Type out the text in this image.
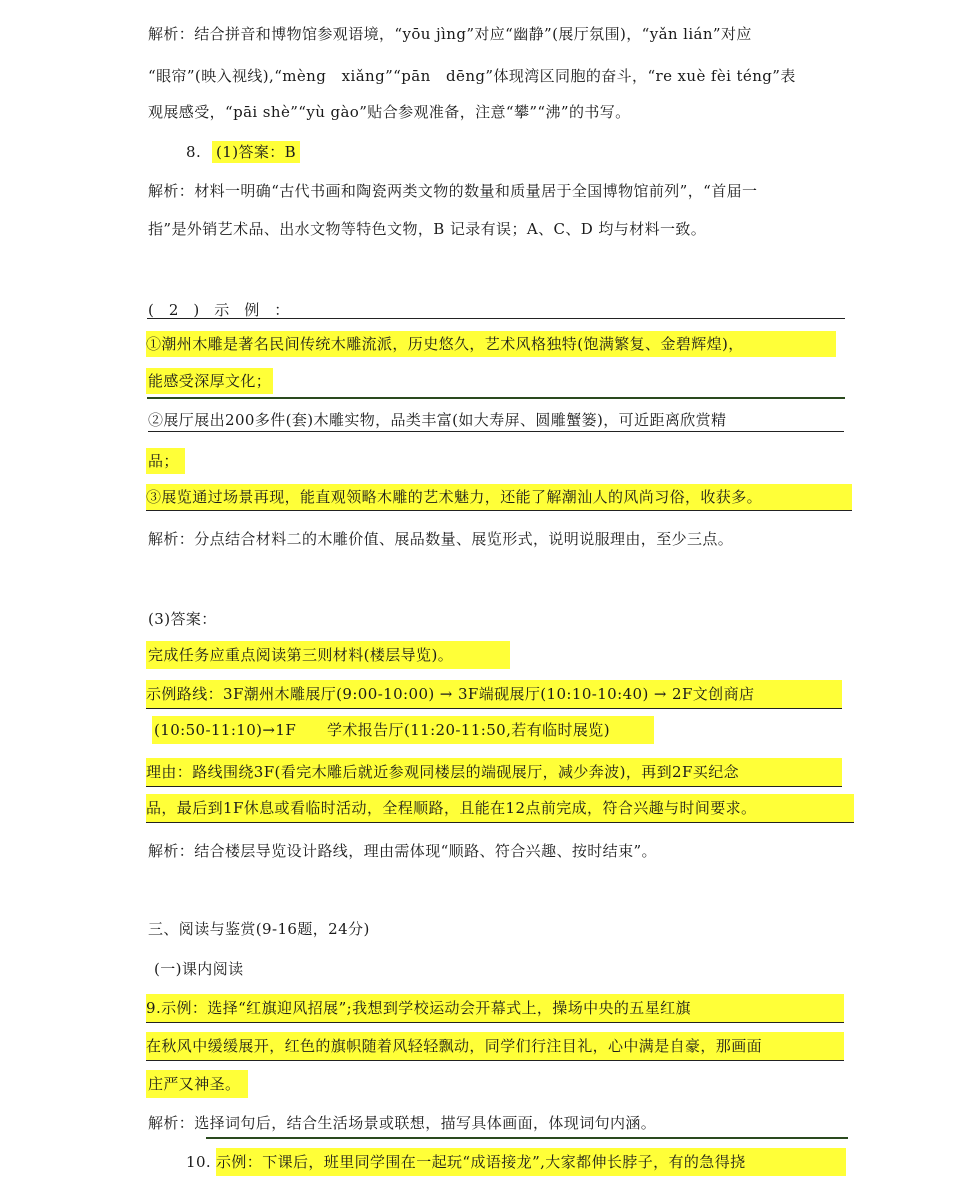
解析：结合拼音和博物馆参观语境，“yōu jìng”对应“幽静”(展厅氛围)，“yǎn lián”对应
“眼帘”(映入视线),“mèng　xiǎng”“pān　dēng”体现湾区同胞的奋斗，“re xuè fèi téng”表
观展感受，“pāi shè”“yù gào”贴合参观准备，注意“攀”“沸”的书写。
8. (1)答案：B
解析：材料一明确“古代书画和陶瓷两类文物的数量和质量居于全国博物馆前列”，“首届一
指”是外销艺术品、出水文物等特色文物，B 记录有误；A、C、D 均与材料一致。
(2)示例：
①潮州木雕是著名民间传统木雕流派，历史悠久，艺术风格独特(饱满繁复、金碧辉煌)，
能感受深厚文化；
②展厅展出200多件(套)木雕实物，品类丰富(如大寿屏、圆雕蟹篓)，可近距离欣赏精
品；
③展览通过场景再现，能直观领略木雕的艺术魅力，还能了解潮汕人的风尚习俗，收获多。
解析：分点结合材料二的木雕价值、展品数量、展览形式，说明说服理由，至少三点。
(3)答案：
完成任务应重点阅读第三则材料(楼层导览)。
示例路线：3F潮州木雕展厅(9:00-10:00) → 3F端砚展厅(10:10-10:40) → 2F文创商店
(10:50-11:10)→1F　　学术报告厅(11:20-11:50,若有临时展览)
理由：路线围绕3F(看完木雕后就近参观同楼层的端砚展厅，减少奔波)，再到2F买纪念
品，最后到1F休息或看临时活动，全程顺路，且能在12点前完成，符合兴趣与时间要求。
解析：结合楼层导览设计路线，理由需体现“顺路、符合兴趣、按时结束”。
三、阅读与鉴赏(9-16题，24分)
(一)课内阅读
9.示例：选择“红旗迎风招展”;我想到学校运动会开幕式上，操场中央的五星红旗
在秋风中缓缓展开，红色的旗帜随着风轻轻飘动，同学们行注目礼，心中满是自豪，那画面
庄严又神圣。
解析：选择词句后，结合生活场景或联想，描写具体画面，体现词句内涵。
10. 示例：下课后，班里同学围在一起玩“成语接龙”,大家都伸长脖子，有的急得挠
